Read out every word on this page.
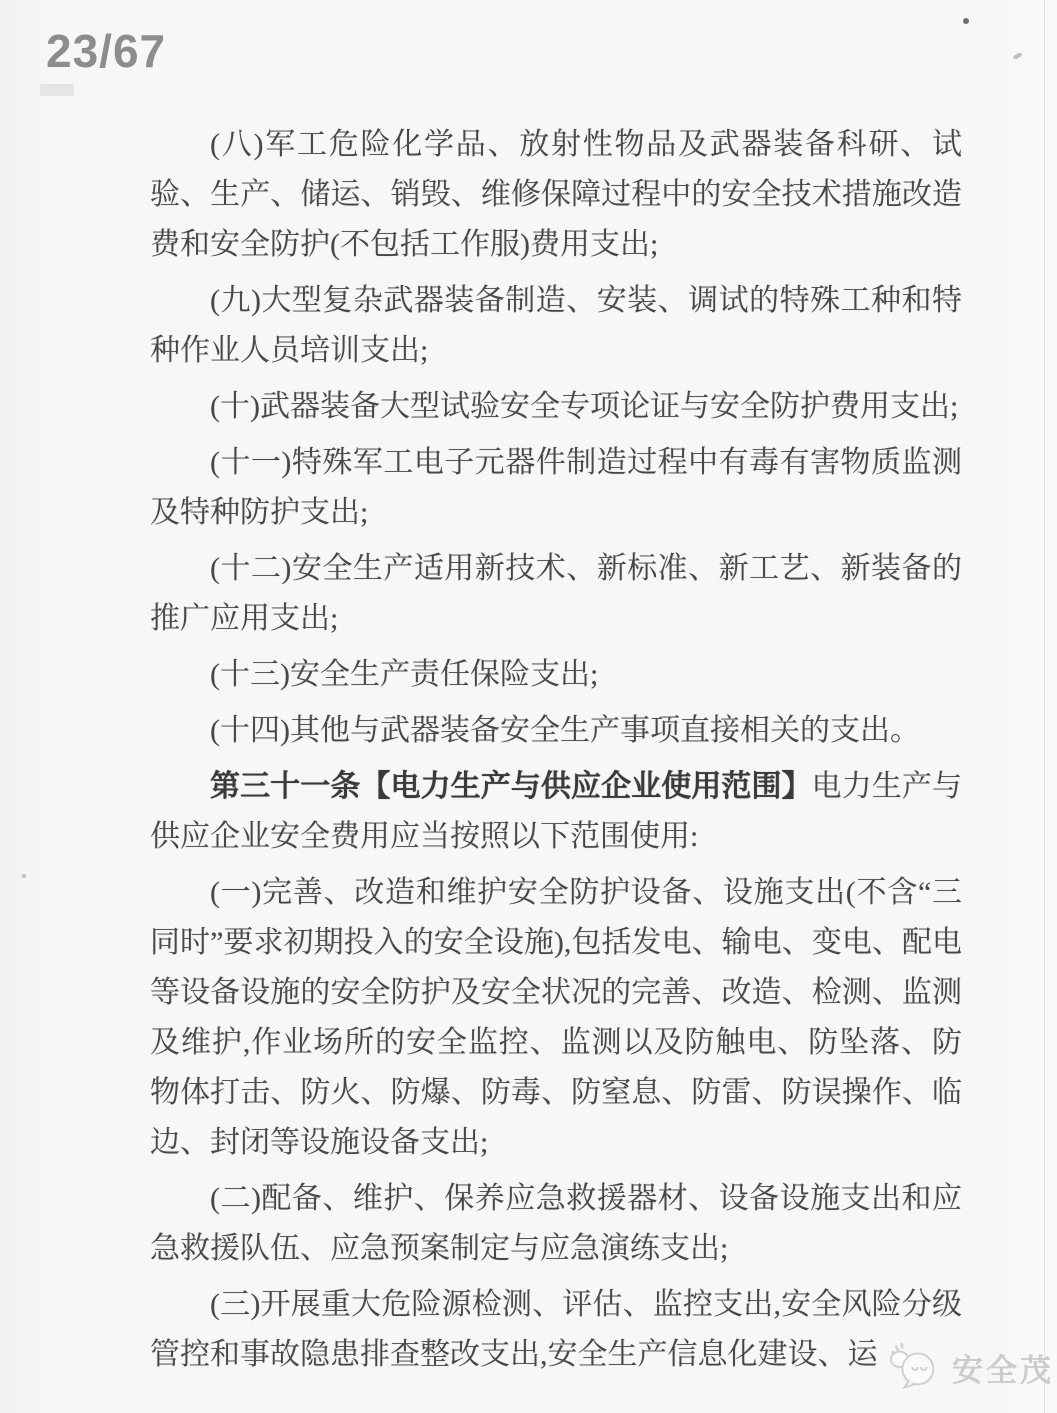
23/67

(八)军工危险化学品、放射性物品及武器装备科研、试验、生产、储运、销毁、维修保障过程中的安全技术措施改造费和安全防护(不包括工作服)费用支出;

(九)大型复杂武器装备制造、安装、调试的特殊工种和特种作业人员培训支出;

(十)武器装备大型试验安全专项论证与安全防护费用支出;

(十一)特殊军工电子元器件制造过程中有毒有害物质监测及特种防护支出;

(十二)安全生产适用新技术、新标准、新工艺、新装备的推广应用支出;

(十三)安全生产责任保险支出;

(十四)其他与武器装备安全生产事项直接相关的支出。

第三十一条【电力生产与供应企业使用范围】电力生产与供应企业安全费用应当按照以下范围使用:

(一)完善、改造和维护安全防护设备、设施支出(不含“三同时”要求初期投入的安全设施),包括发电、输电、变电、配电等设备设施的安全防护及安全状况的完善、改造、检测、监测及维护,作业场所的安全监控、监测以及防触电、防坠落、防物体打击、防火、防爆、防毒、防窒息、防雷、防误操作、临边、封闭等设施设备支出;

(二)配备、维护、保养应急救援器材、设备设施支出和应急救援队伍、应急预案制定与应急演练支出;

(三)开展重大危险源检测、评估、监控支出,安全风险分级管控和事故隐患排查整改支出,安全生产信息化建设、运	安全茂
